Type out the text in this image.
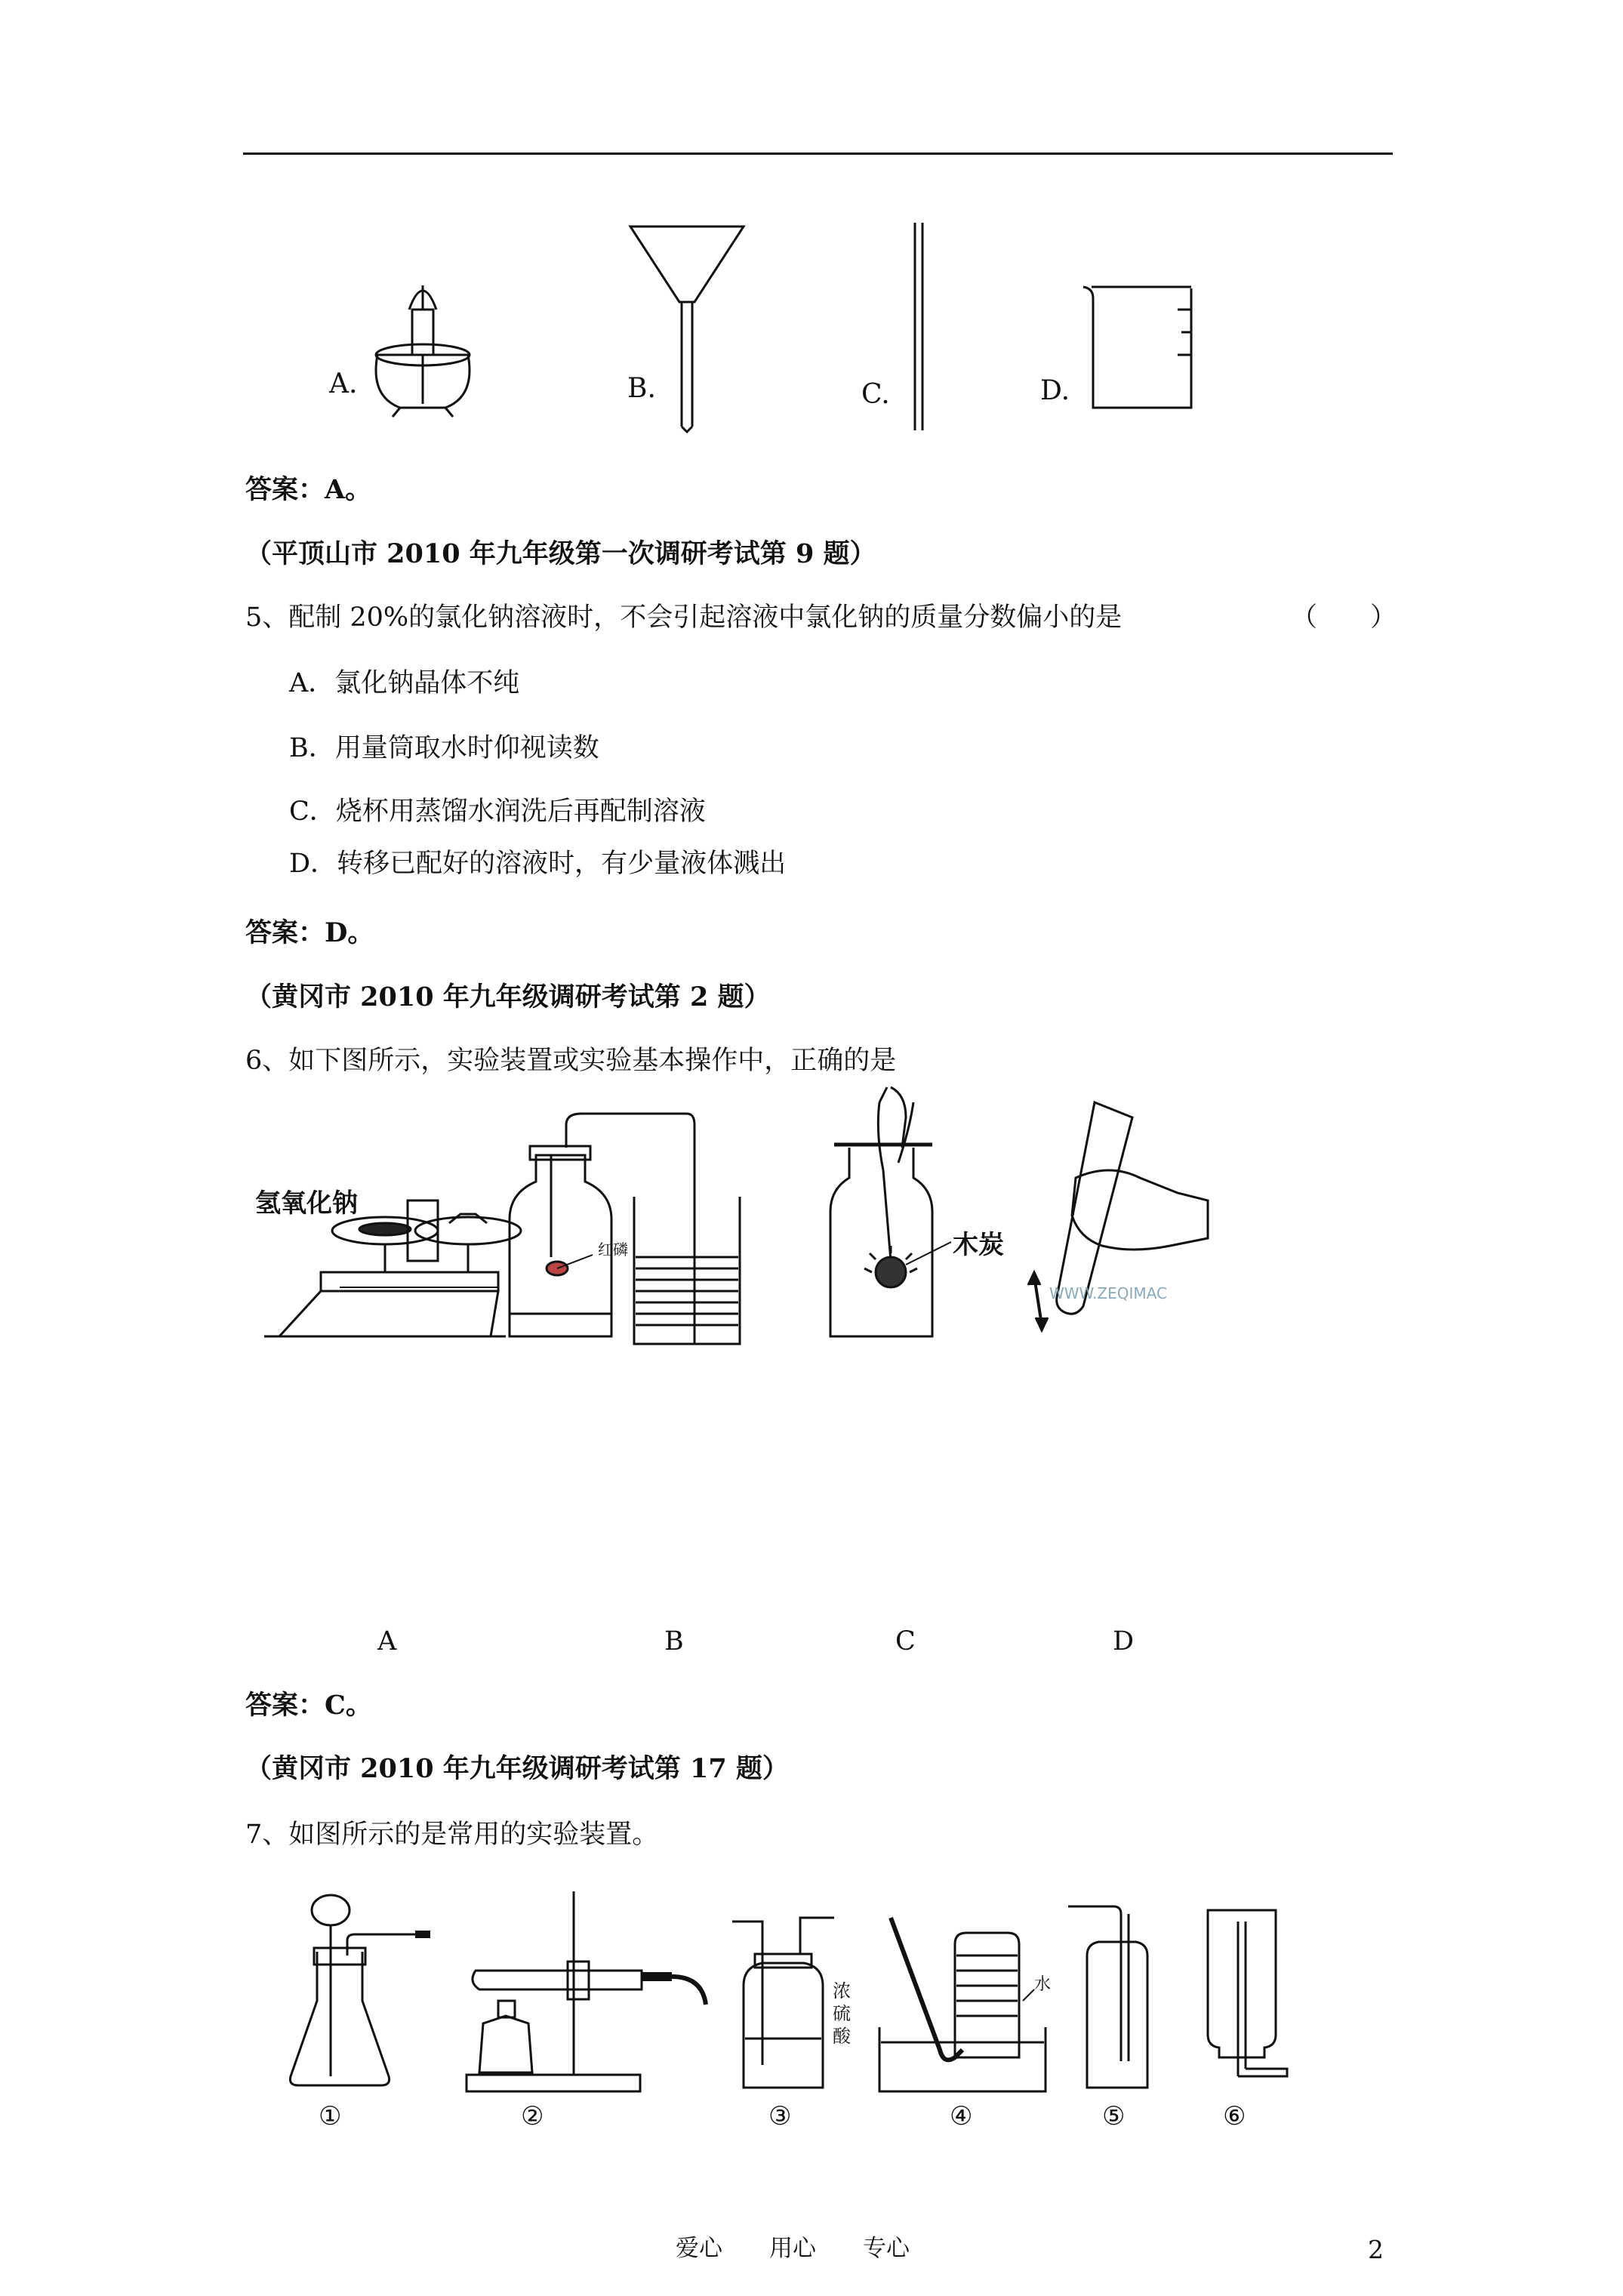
A.	B.	C.	D.
答案：A。
（平顶山市 2010 年九年级第一次调研考试第 9 题）
5、配制 20%的氯化钠溶液时，不会引起溶液中氯化钠的质量分数偏小的是	（　　）
A．氯化钠晶体不纯
B．用量筒取水时仰视读数
C．烧杯用蒸馏水润洗后再配制溶液
D．转移已配好的溶液时，有少量液体溅出
答案：D。
（黄冈市 2010 年九年级调研考试第 2 题）
6、如下图所示，实验装置或实验基本操作中，正确的是
氢氧化钠
红磷	木炭
WWW.ZEQIMAC
A	B	C	D
答案：C。
（黄冈市 2010 年九年级调研考试第 17 题）
7、如图所示的是常用的实验装置。
①	②
浓
硫
酸
③
水
④	⑤	⑥
爱心　　用心　　专心	2
